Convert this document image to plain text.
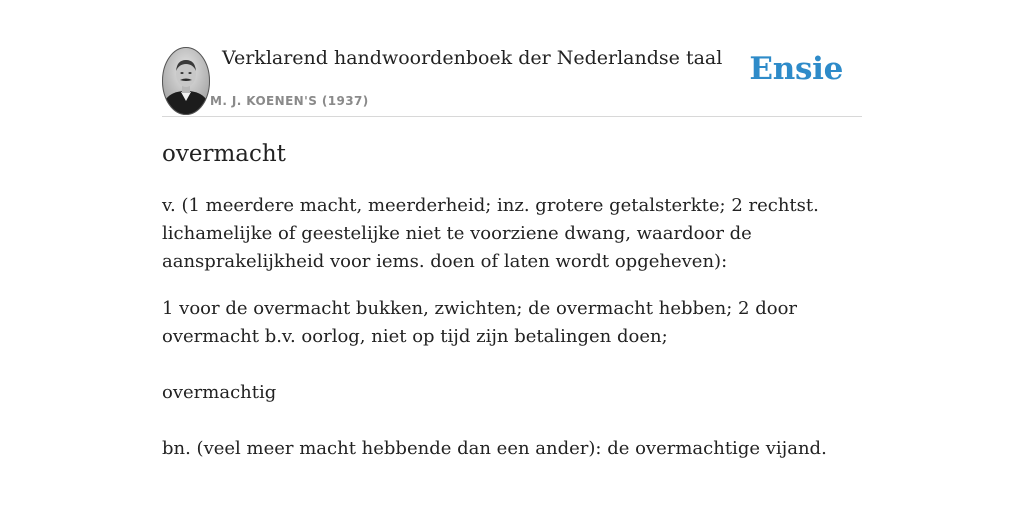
Verklarend handwoordenboek der Nederlandse taal
M. J. KOENEN'S (1937)
Ensie
overmacht

v. (1 meerdere macht, meerderheid; inz. grotere getalsterkte; 2 rechtst. lichamelijke of geestelijke niet te voorziene dwang, waardoor de aansprakelijkheid voor iems. doen of laten wordt opgeheven):

1 voor de overmacht bukken, zwichten; de overmacht hebben; 2 door overmacht b.v. oorlog, niet op tijd zijn betalingen doen;

overmachtig

bn. (veel meer macht hebbende dan een ander): de overmachtige vijand.
